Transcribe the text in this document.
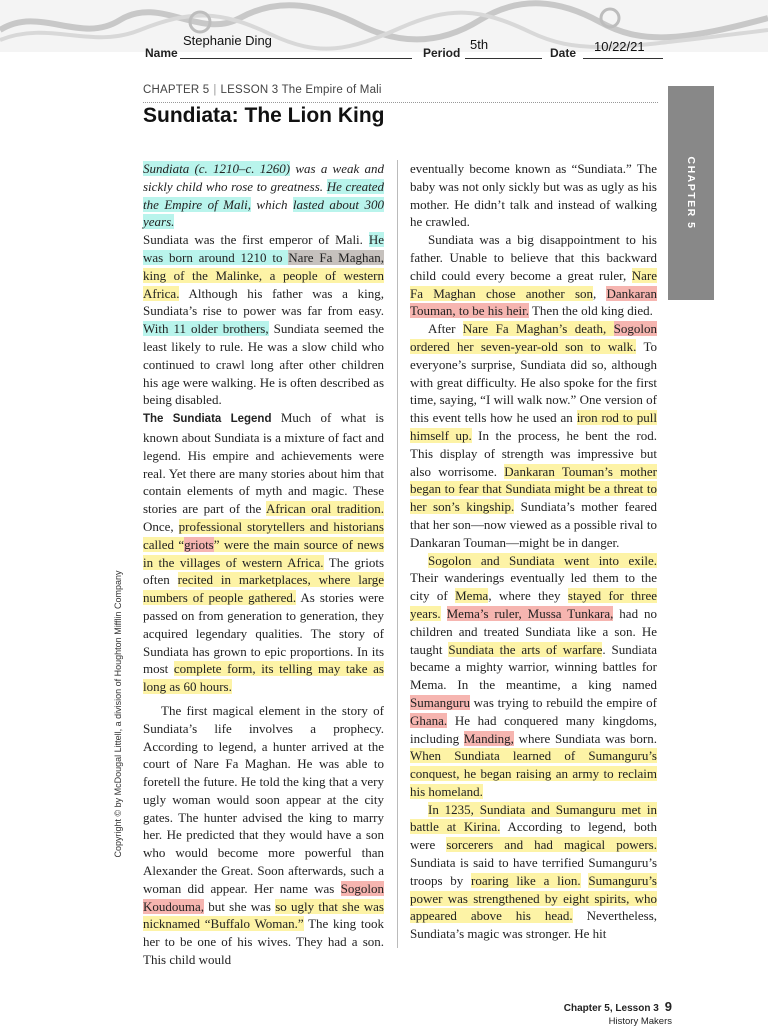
Name
Stephanie Ding
Period
5th
Date 10/22/21
CHAPTER 5 | LESSON 3 The Empire of Mali
Sundiata: The Lion King
CHAPTER 5
Copyright © by McDougal Littell, a division of Houghton Mifflin Company

Sundiata (c. 1210–c. 1260) was a weak and sickly child who rose to greatness. He created the Empire of Mali, which lasted about 300 years.

Sundiata was the first emperor of Mali. He was born around 1210 to Nare Fa Maghan, king of the Malinke, a people of western Africa. Although his father was a king, Sundiata’s rise to power was far from easy. With 11 older brothers, Sundiata seemed the least likely to rule. He was a slow child who continued to crawl long after other children his age were walking. He is often described as being disabled.

The Sundiata Legend Much of what is known about Sundiata is a mixture of fact and legend. His empire and achievements were real. Yet there are many stories about him that contain elements of myth and magic. These stories are part of the African oral tradition. Once, professional storytellers and historians called “griots” were the main source of news in the villages of western Africa. The griots often recited in marketplaces, where large numbers of people gathered. As stories were passed on from generation to generation, they acquired legendary qualities. The story of Sundiata has grown to epic proportions. In its most complete form, its telling may take as long as 60 hours.

The first magical element in the story of Sundiata’s life involves a prophecy. According to legend, a hunter arrived at the court of Nare Fa Maghan. He was able to foretell the future. He told the king that a very ugly woman would soon appear at the city gates. The hunter advised the king to marry her. He predicted that they would have a son who would become more powerful than Alexander the Great. Soon afterwards, such a woman did appear. Her name was Sogolon Koudouma, but she was so ugly that she was nicknamed “Buffalo Woman.” The king took her to be one of his wives. They had a son. This child would

eventually become known as “Sundiata.” The baby was not only sickly but was as ugly as his mother. He didn’t talk and instead of walking he crawled.

Sundiata was a big disappointment to his father. Unable to believe that this backward child could every become a great ruler, Nare Fa Maghan chose another son, Dankaran Touman, to be his heir. Then the old king died.

After Nare Fa Maghan’s death, Sogolon ordered her seven-year-old son to walk. To everyone’s surprise, Sundiata did so, although with great difficulty. He also spoke for the first time, saying, “I will walk now.” One version of this event tells how he used an iron rod to pull himself up. In the process, he bent the rod. This display of strength was impressive but also worrisome. Dankaran Touman’s mother began to fear that Sundiata might be a threat to her son’s kingship. Sundiata’s mother feared that her son—now viewed as a possible rival to Dankaran Touman—might be in danger.

Sogolon and Sundiata went into exile. Their wanderings eventually led them to the city of Mema, where they stayed for three years. Mema’s ruler, Mussa Tunkara, had no children and treated Sundiata like a son. He taught Sundiata the arts of warfare. Sundiata became a mighty warrior, winning battles for Mema. In the meantime, a king named Sumanguru was trying to rebuild the empire of Ghana. He had conquered many kingdoms, including Manding, where Sundiata was born. When Sundiata learned of Sumanguru’s conquest, he began raising an army to reclaim his homeland.

In 1235, Sundiata and Sumanguru met in battle at Kirina. According to legend, both were sorcerers and had magical powers. Sundiata is said to have terrified Sumanguru’s troops by roaring like a lion. Sumanguru’s power was strengthened by eight spirits, who appeared above his head. Nevertheless, Sundiata’s magic was stronger. He hit

Chapter 5, Lesson 3 9
History Makers
